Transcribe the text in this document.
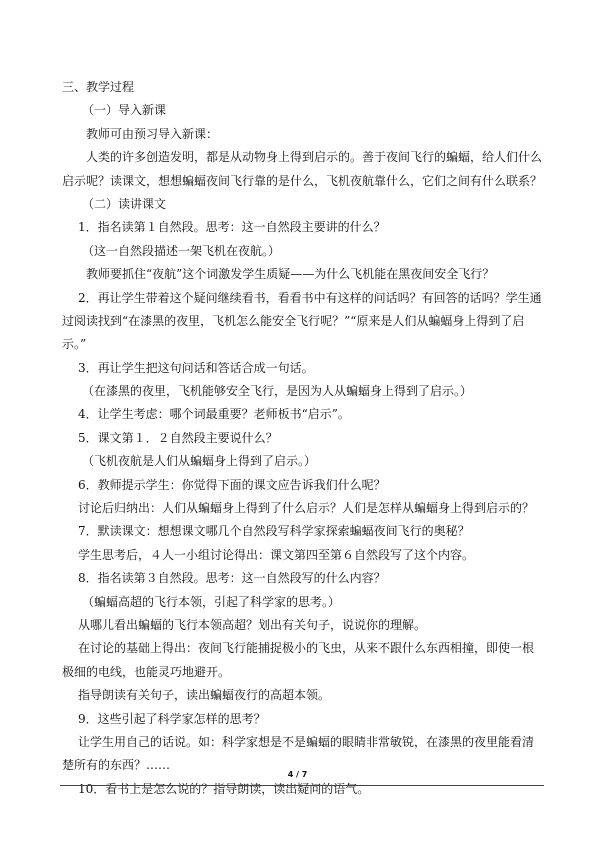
三、教学过程
（一）导入新课
教师可由预习导入新课：
人类的许多创造发明，都是从动物身上得到启示的。善于夜间飞行的蝙蝠，给人们什么
启示呢？读课文，想想蝙蝠夜间飞行靠的是什么，飞机夜航靠什么，它们之间有什么联系？
（二）读讲课文
1．指名读第１自然段。思考：这一自然段主要讲的什么？
（这一自然段描述一架飞机在夜航。）
教师要抓住“夜航”这个词激发学生质疑——为什么飞机能在黑夜间安全飞行？
2．再让学生带着这个疑问继续看书，看看书中有这样的问话吗？有回答的话吗？学生通
过阅读找到“在漆黑的夜里，飞机怎么能安全飞行呢？”“原来是人们从蝙蝠身上得到了启
示。”
3．再让学生把这句问话和答话合成一句话。
（在漆黑的夜里，飞机能够安全飞行，是因为人从蝙蝠身上得到了启示。）
4．让学生考虑：哪个词最重要？老师板书“启示”。
5．课文第１．２自然段主要说什么？
（飞机夜航是人们从蝙蝠身上得到了启示。）
6．教师提示学生：你觉得下面的课文应告诉我们什么呢？
讨论后归纳出：人们从蝙蝠身上得到了什么启示？人们是怎样从蝙蝠身上得到启示的？
7．默读课文：想想课文哪几个自然段写科学家探索蝙蝠夜间飞行的奥秘？
学生思考后，４人一小组讨论得出：课文第四至第６自然段写了这个内容。
8．指名读第３自然段。思考：这一自然段写的什么内容？
（蝙蝠高超的飞行本领，引起了科学家的思考。）
从哪儿看出蝙蝠的飞行本领高超？划出有关句子，说说你的理解。
在讨论的基础上得出：夜间飞行能捕捉极小的飞虫，从来不跟什么东西相撞，即使一根
极细的电线，也能灵巧地避开。
指导朗读有关句子，读出蝙蝠夜行的高超本领。
9．这些引起了科学家怎样的思考？
让学生用自己的话说。如：科学家想是不是蝙蝠的眼睛非常敏锐，在漆黑的夜里能看清
楚所有的东西？……
10．看书上是怎么说的？指导朗读，读出疑问的语气。
4 / 7
